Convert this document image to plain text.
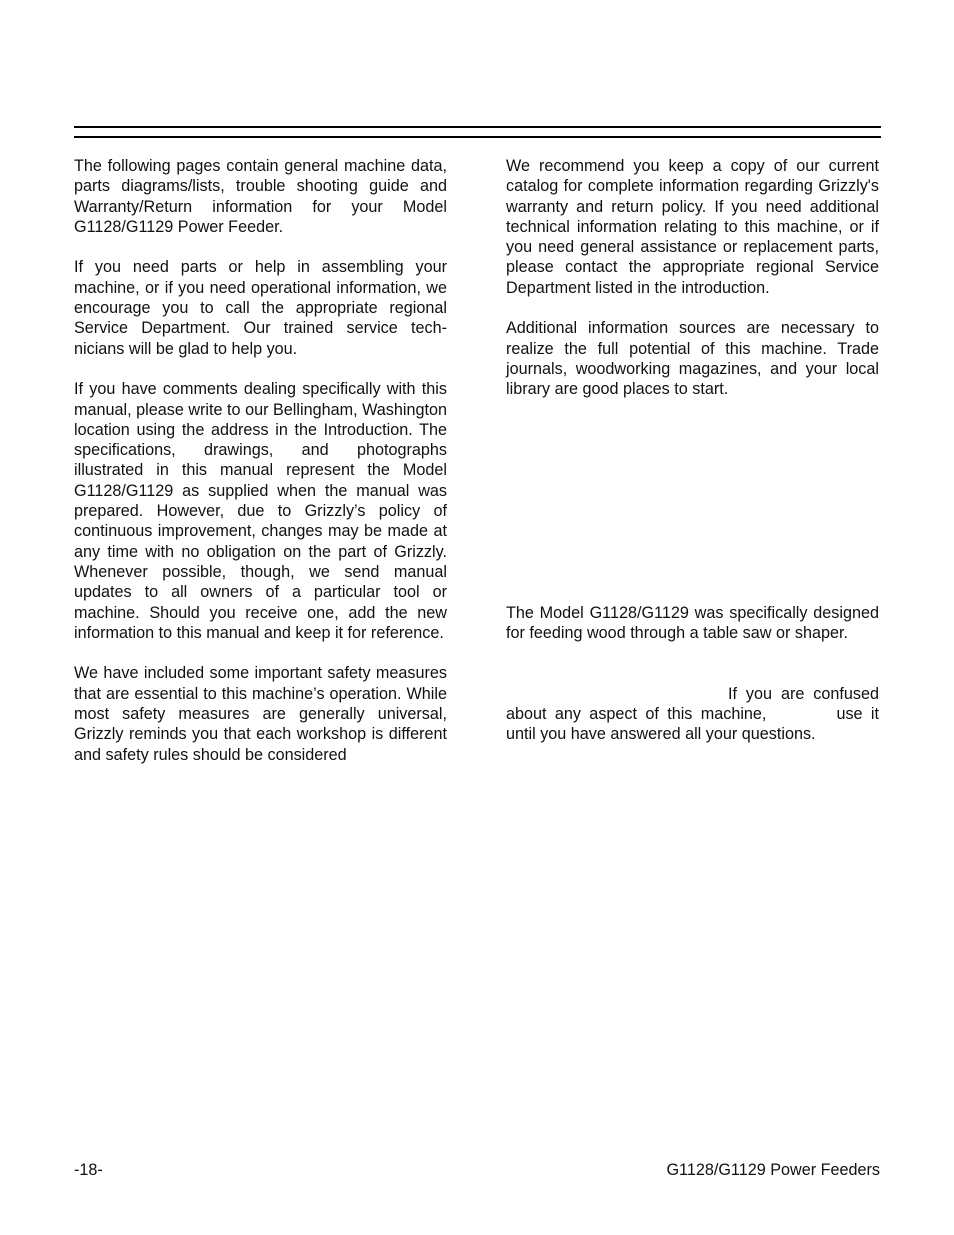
The following pages contain general machine data, parts diagrams/lists, trouble shooting guide and Warranty/Return information for your Model G1128/G1129 Power Feeder.

If you need parts or help in assembling your machine, or if you need operational information, we encourage you to call the appropriate regional Service Department. Our trained service technicians will be glad to help you.

If you have comments dealing specifically with this manual, please write to our Bellingham, Washington location using the address in the Introduction. The specifications, drawings, and photographs illustrated in this manual represent the Model G1128/G1129 as supplied when the manual was prepared. However, due to Grizzly’s policy of continuous improvement, changes may be made at any time with no obligation on the part of Grizzly. Whenever possible, though, we send manual updates to all owners of a particular tool or machine. Should you receive one, add the new information to this manual and keep it for reference.

We have included some important safety measures that are essential to this machine’s operation. While most safety measures are generally universal, Grizzly reminds you that each workshop is different and safety rules should be considered

We recommend you keep a copy of our current catalog for complete information regarding Grizzly's warranty and return policy. If you need additional technical information relating to this machine, or if you need general assistance or replacement parts, please contact the appropriate regional Service Department listed in the introduction.

Additional information sources are necessary to realize the full potential of this machine. Trade journals, woodworking magazines, and your local library are good places to start.

The Model G1128/G1129 was specifically designed for feeding wood through a table saw or shaper.

If you are confused about any aspect of this machine,	use it until you have answered all your questions.

-18-	G1128/G1129 Power Feeders
